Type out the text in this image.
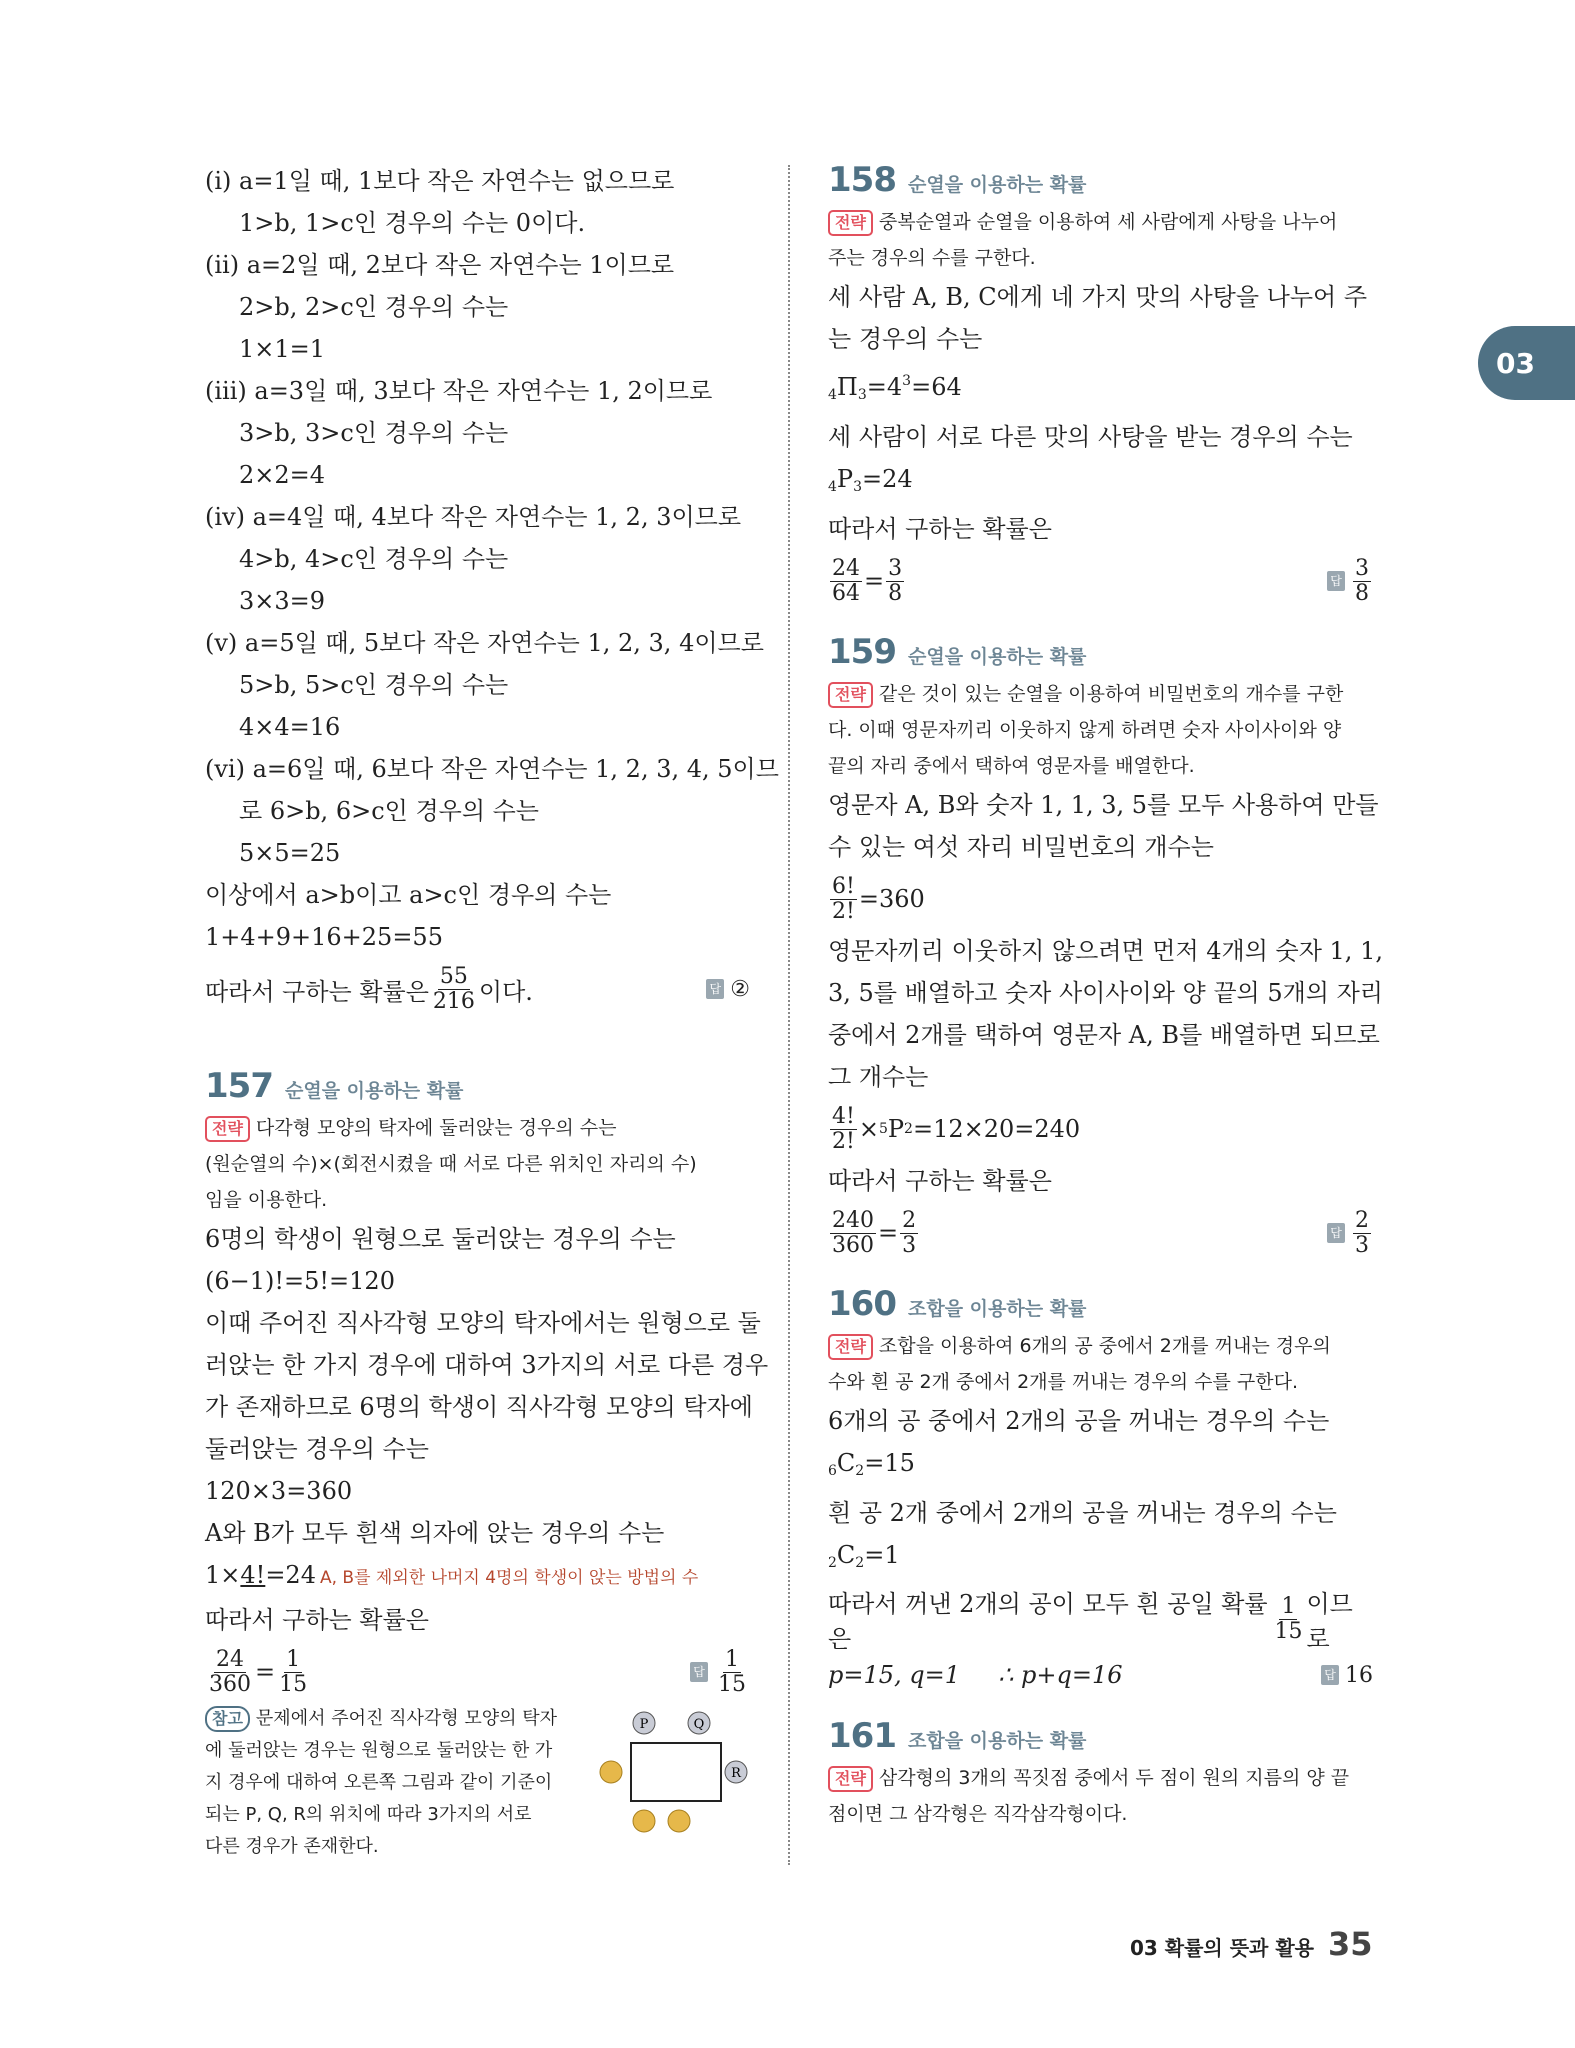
(ⅰ) a=1일 때, 1보다 작은 자연수는 없으므로
1>b, 1>c인 경우의 수는 0이다.
(ⅱ) a=2일 때, 2보다 작은 자연수는 1이므로
2>b, 2>c인 경우의 수는
1×1=1
(ⅲ) a=3일 때, 3보다 작은 자연수는 1, 2이므로
3>b, 3>c인 경우의 수는
2×2=4
(ⅳ) a=4일 때, 4보다 작은 자연수는 1, 2, 3이므로
4>b, 4>c인 경우의 수는
3×3=9
(ⅴ) a=5일 때, 5보다 작은 자연수는 1, 2, 3, 4이므로
5>b, 5>c인 경우의 수는
4×4=16
(ⅵ) a=6일 때, 6보다 작은 자연수는 1, 2, 3, 4, 5이므
로 6>b, 6>c인 경우의 수는
5×5=25
이상에서 a>b이고 a>c인 경우의 수는
1+4+9+16+25=55
따라서 구하는 확률은 $\frac{55}{216}$ 이다.	답 ②
157 순열을 이용하는 확률
전략 다각형 모양의 탁자에 둘러앉는 경우의 수는
(원순열의 수)×(회전시켰을 때 서로 다른 위치인 자리의 수)
임을 이용한다.
6명의 학생이 원형으로 둘러앉는 경우의 수는
(6−1)!=5!=120
이때 주어진 직사각형 모양의 탁자에서는 원형으로 둘
러앉는 한 가지 경우에 대하여 3가지의 서로 다른 경우
가 존재하므로 6명의 학생이 직사각형 모양의 탁자에
둘러앉는 경우의 수는
120×3=360
A와 B가 모두 흰색 의자에 앉는 경우의 수는
1×4!=24 A, B를 제외한 나머지 4명의 학생이 앉는 방법의 수
따라서 구하는 확률은
$\frac{24}{360} = \frac{1}{15}$	답 $\frac{1}{15}$
참고 문제에서 주어진 직사각형 모양의 탁자
에 둘러앉는 경우는 원형으로 둘러앉는 한 가
지 경우에 대하여 오른쪽 그림과 같이 기준이
되는 P, Q, R의 위치에 따라 3가지의 서로
다른 경우가 존재한다.
P	Q
R
158 순열을 이용하는 확률
전략 중복순열과 순열을 이용하여 세 사람에게 사탕을 나누어
주는 경우의 수를 구한다.
세 사람 A, B, C에게 네 가지 맛의 사탕을 나누어 주
는 경우의 수는
$4\Pi 3=4^3=64$
세 사람이 서로 다른 맛의 사탕을 받는 경우의 수는
4P3=24
따라서 구하는 확률은
$\frac{24}{64} = \frac{3}{8}$	답 $\frac{3}{8}$
159 순열을 이용하는 확률
전략 같은 것이 있는 순열을 이용하여 비밀번호의 개수를 구한
다. 이때 영문자끼리 이웃하지 않게 하려면 숫자 사이사이와 양
끝의 자리 중에서 택하여 영문자를 배열한다.
영문자 A, B와 숫자 1, 1, 3, 5를 모두 사용하여 만들
수 있는 여섯 자리 비밀번호의 개수는
$\frac{6!}{2!} =360$
영문자끼리 이웃하지 않으려면 먼저 4개의 숫자 1, 1,
3, 5를 배열하고 숫자 사이사이와 양 끝의 5개의 자리
중에서 2개를 택하여 영문자 A, B를 배열하면 되므로
그 개수는
$\frac{4!}{2!} \times 5$ P 2 =12×20=240
따라서 구하는 확률은
$\frac{240}{360} = \frac{2}{3}$	답 $\frac{2}{3}$
160 조합을 이용하는 확률
전략 조합을 이용하여 6개의 공 중에서 2개를 꺼내는 경우의
수와 흰 공 2개 중에서 2개를 꺼내는 경우의 수를 구한다.
6개의 공 중에서 2개의 공을 꺼내는 경우의 수는
6C2=15
흰 공 2개 중에서 2개의 공을 꺼내는 경우의 수는
2C2=1
따라서 꺼낸 2개의 공이 모두 흰 공일 확률은	$\frac{1}{15}$ 이므로
p=15, q=1     ∴ p+q=16	답 16
161 조합을 이용하는 확률
전략 삼각형의 3개의 꼭짓점 중에서 두 점이 원의 지름의 양 끝
점이면 그 삼각형은 직각삼각형이다.
03
03 확률의 뜻과 활용 35
